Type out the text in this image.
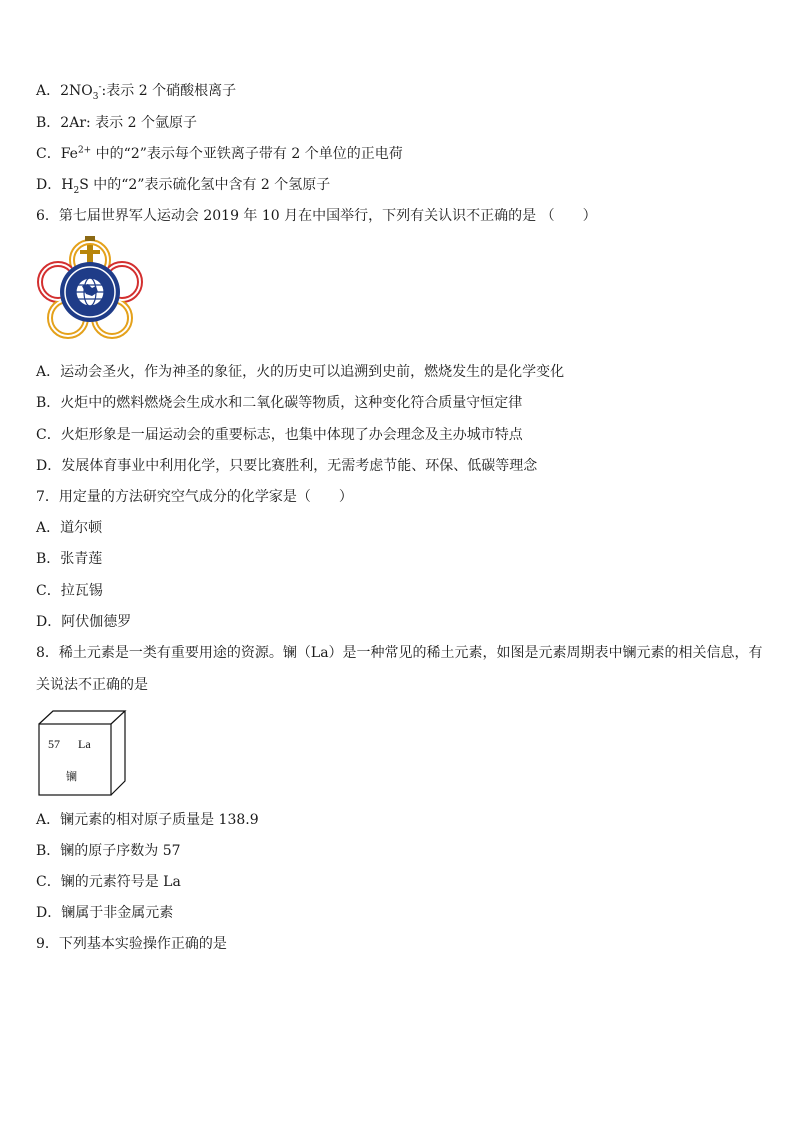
A．$2NO_3^-$:表示 2 个硝酸根离子
B．2Ar: 表示 2 个氩原子
C．$Fe^{2+}$ 中的“2”表示每个亚铁离子带有 2 个单位的正电荷
D．$H_2S$ 中的“2”表示硫化氢中含有 2 个氢原子
6．第七届世界军人运动会 2019 年 10 月在中国举行，下列有关认识不正确的是 （　　）
A．运动会圣火，作为神圣的象征，火的历史可以追溯到史前，燃烧发生的是化学变化
B．火炬中的燃料燃烧会生成水和二氧化碳等物质，这种变化符合质量守恒定律
C．火炬形象是一届运动会的重要标志，也集中体现了办会理念及主办城市特点
D．发展体育事业中利用化学，只要比赛胜利，无需考虑节能、环保、低碳等理念
7．用定量的方法研究空气成分的化学家是（　　）
A．道尔顿
B．张青莲
C．拉瓦锡
D．阿伏伽德罗
8．稀土元素是一类有重要用途的资源。镧（La）是一种常见的稀土元素，如图是元素周期表中镧元素的相关信息，有
关说法不正确的是
57 La
镧
A．镧元素的相对原子质量是 138.9
B．镧的原子序数为 57
C．镧的元素符号是 La
D．镧属于非金属元素
9．下列基本实验操作正确的是
